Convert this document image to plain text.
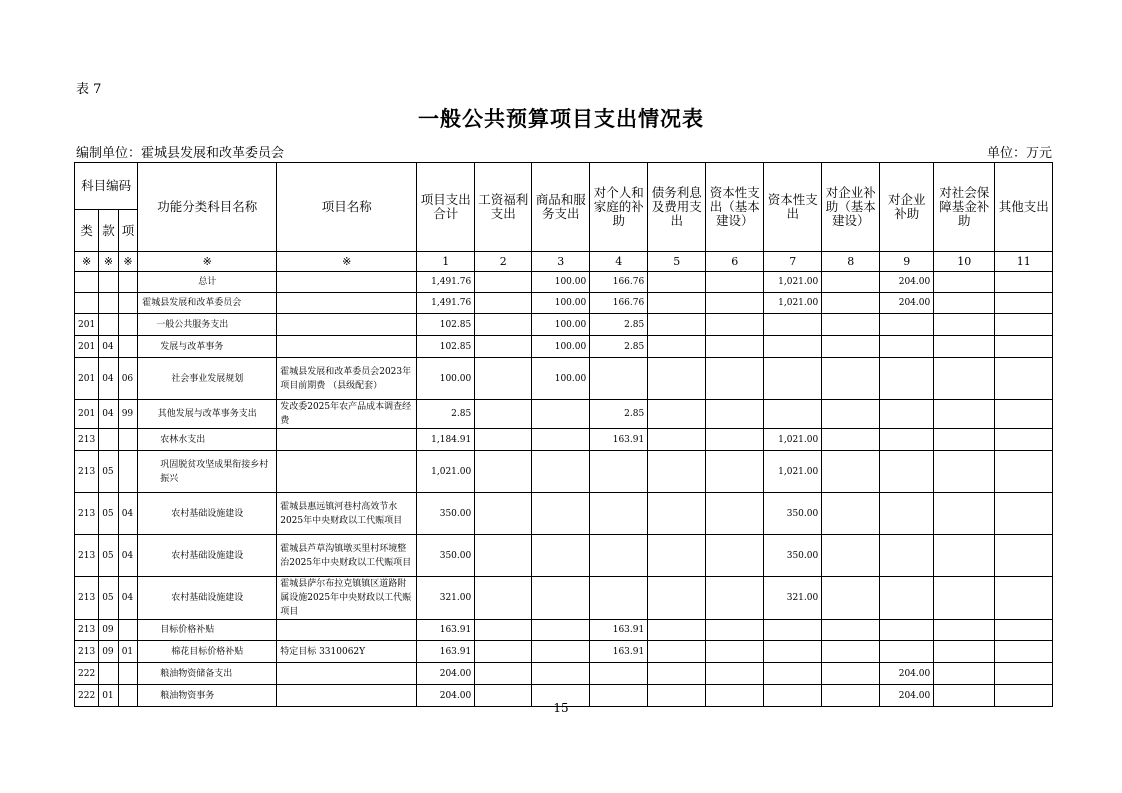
表 7
一般公共预算项目支出情况表
编制单位：霍城县发展和改革委员会	单位：万元
科目编码			功能分类科目名称	项目名称	项目支出合计	工资福利支出	商品和服务支出	对个人和家庭的补助	债务利息及费用支出	资本性支出（基本建设）	资本性支出	对企业补助（基本建设）	对企业补助	对社会保障基金补助	其他支出
类	款	项													
※	※	※	※	※	1	2	3	4	5	6	7	8	9	10	11
			总计		1,491.76		100.00	166.76			1,021.00		204.00		
			霍城县发展和改革委员会		1,491.76		100.00	166.76			1,021.00		204.00		
201			一般公共服务支出		102.85		100.00	2.85							
201	04		发展与改革事务		102.85		100.00	2.85							
201	04	06	社会事业发展规划	霍城县发展和改革委员会2023年项目前期费 （县级配套）	100.00		100.00								
201	04	99	其他发展与改革事务支出	发改委2025年农产品成本调查经费	2.85			2.85							
213			农林水支出		1,184.91			163.91			1,021.00				
213	05		巩固脱贫攻坚成果衔接乡村振兴		1,021.00						1,021.00				
213	05	04	农村基础设施建设	霍城县惠远镇河巷村高效节水 2025年中央财政以工代赈项目	350.00						350.00				
213	05	04	农村基础设施建设	霍城县芦草沟镇墩买里村环境整治2025年中央财政以工代赈项目	350.00						350.00				
213	05	04	农村基础设施建设	霍城县萨尔布拉克镇镇区道路附属设施2025年中央财政以工代赈项目	321.00						321.00				
213	09		目标价格补贴		163.91			163.91							
213	09	01	棉花目标价格补贴	特定目标 3310062Y	163.91			163.91							
222			粮油物资储备支出		204.00								204.00		
222	01		粮油物资事务		204.00								204.00		
15
